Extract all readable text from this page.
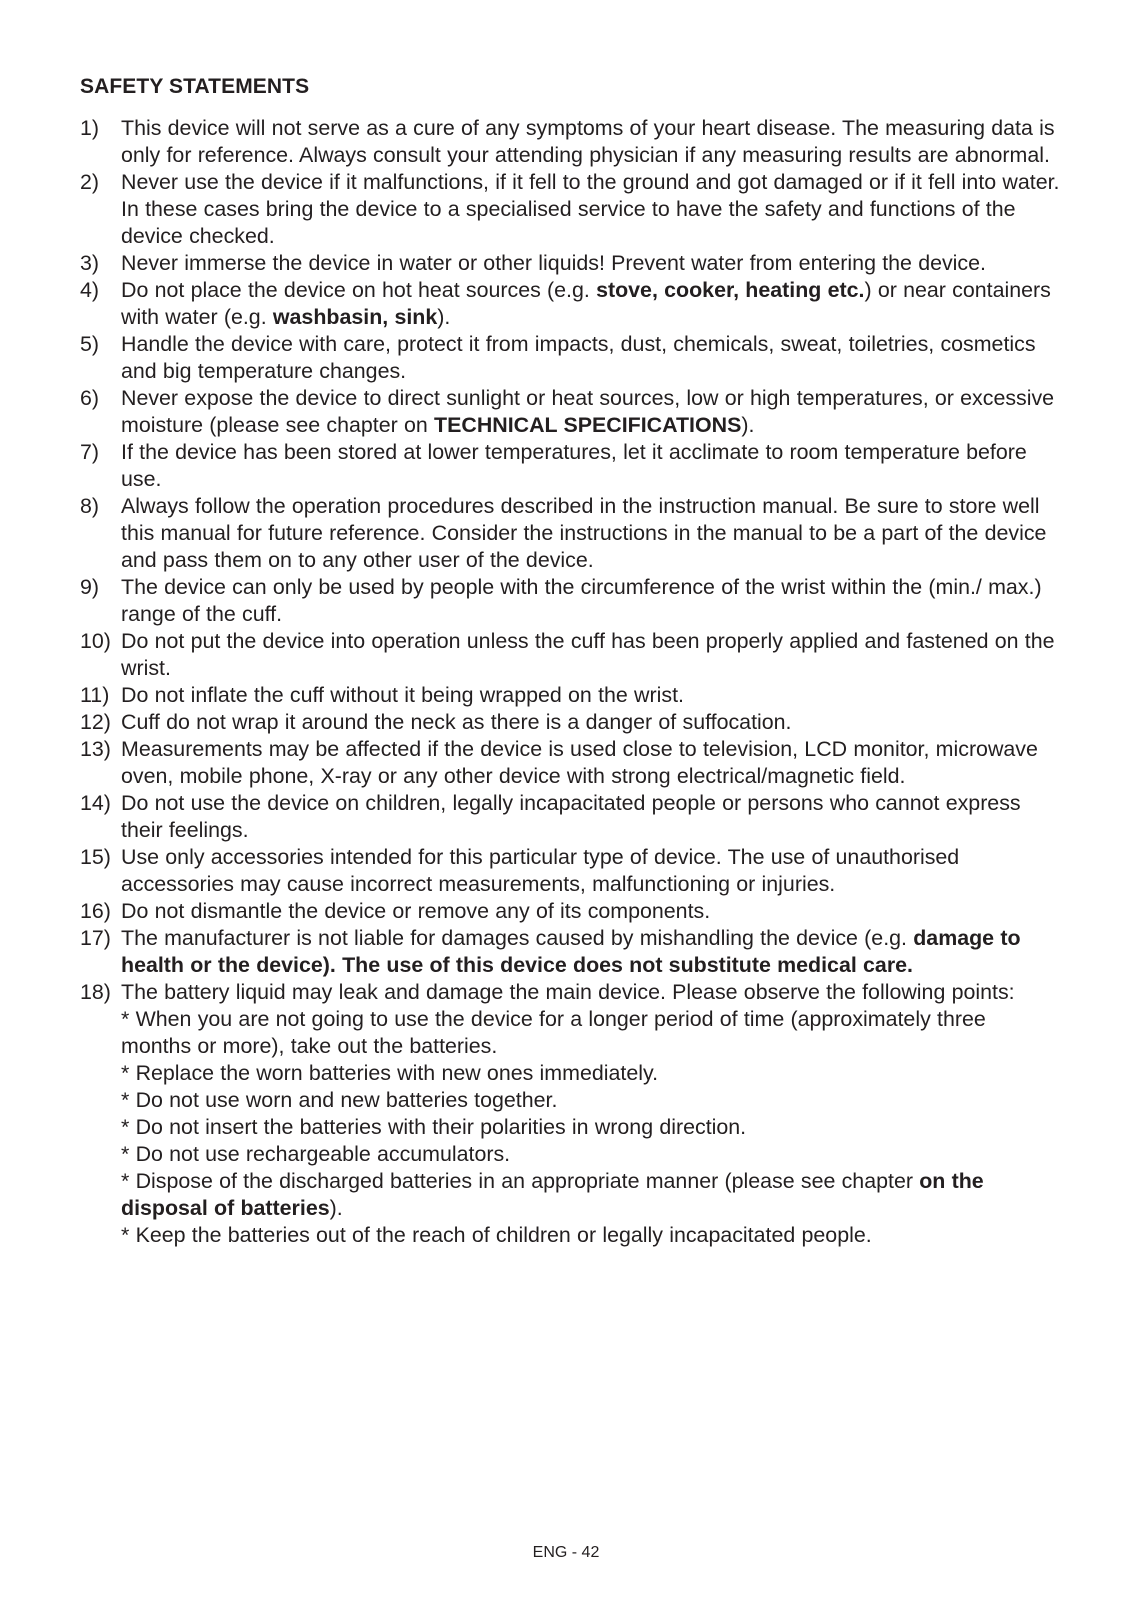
SAFETY STATEMENTS
1) This device will not serve as a cure of any symptoms of your heart disease. The measuring data is only for reference. Always consult your attending physician if any measuring results are abnormal.
2) Never use the device if it malfunctions, if it fell to the ground and got damaged or if it fell into water. In these cases bring the device to a specialised service to have the safety and functions of the device checked.
3) Never immerse the device in water or other liquids! Prevent water from entering the device.
4) Do not place the device on hot heat sources (e.g. stove, cooker, heating etc.) or near containers with water (e.g. washbasin, sink).
5) Handle the device with care, protect it from impacts, dust, chemicals, sweat, toiletries, cosmetics and big temperature changes.
6) Never expose the device to direct sunlight or heat sources, low or high temperatures, or excessive moisture (please see chapter on TECHNICAL SPECIFICATIONS).
7) If the device has been stored at lower temperatures, let it acclimate to room temperature before use.
8) Always follow the operation procedures described in the instruction manual. Be sure to store well this manual for future reference. Consider the instructions in the manual to be a part of the device and pass them on to any other user of the device.
9) The device can only be used by people with the circumference of the wrist within the (min./ max.) range of the cuff.
10) Do not put the device into operation unless the cuff has been properly applied and fastened on the wrist.
11) Do not inflate the cuff without it being wrapped on the wrist.
12) Cuff do not wrap it around the neck as there is a danger of suffocation.
13) Measurements may be affected if the device is used close to television, LCD monitor, microwave oven, mobile phone, X-ray or any other device with strong electrical/magnetic field.
14) Do not use the device on children, legally incapacitated people or persons who cannot express their feelings.
15) Use only accessories intended for this particular type of device. The use of unauthorised accessories may cause incorrect measurements, malfunctioning or injuries.
16) Do not dismantle the device or remove any of its components.
17) The manufacturer is not liable for damages caused by mishandling the device (e.g. damage to health or the device). The use of this device does not substitute medical care.
18) The battery liquid may leak and damage the main device. Please observe the following points:
* When you are not going to use the device for a longer period of time (approximately three months or more), take out the batteries.
* Replace the worn batteries with new ones immediately.
* Do not use worn and new batteries together.
* Do not insert the batteries with their polarities in wrong direction.
* Do not use rechargeable accumulators.
* Dispose of the discharged batteries in an appropriate manner (please see chapter on the disposal of batteries).
* Keep the batteries out of the reach of children or legally incapacitated people.
ENG - 42
